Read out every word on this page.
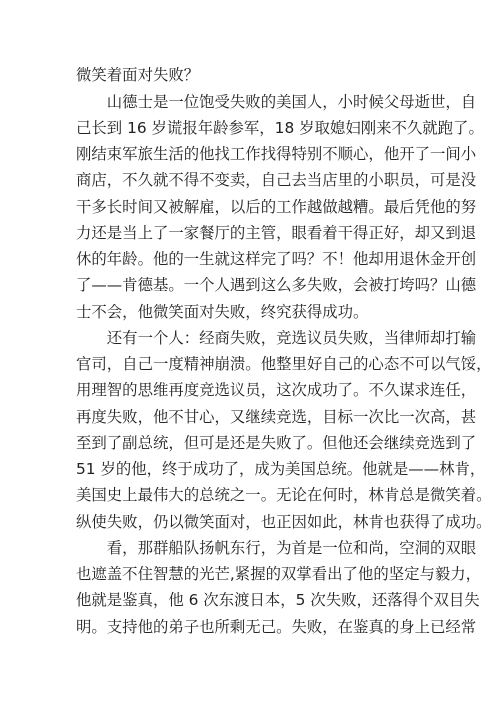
微笑着面对失败？
　　山德士是一位饱受失败的美国人，小时候父母逝世，自
己长到 16 岁谎报年龄参军，18 岁取媳妇刚来不久就跑了。
刚结束军旅生活的他找工作找得特别不顺心，他开了一间小
商店，不久就不得不变卖，自己去当店里的小职员，可是没
干多长时间又被解雇，以后的工作越做越糟。最后凭他的努
力还是当上了一家餐厅的主管，眼看着干得正好，却又到退
休的年龄。他的一生就这样完了吗？不！他却用退休金开创
了——肯德基。一个人遇到这么多失败，会被打垮吗？山德
士不会，他微笑面对失败，终究获得成功。
　　还有一个人：经商失败，竞选议员失败，当律师却打输
官司，自己一度精神崩溃。他整里好自己的心态不可以气馁，
用理智的思维再度竞选议员，这次成功了。不久谋求连任，
再度失败，他不甘心，又继续竞选，目标一次比一次高，甚
至到了副总统，但可是还是失败了。但他还会继续竞选到了
51 岁的他，终于成功了，成为美国总统。他就是——林肯，
美国史上最伟大的总统之一。无论在何时，林肯总是微笑着。
纵使失败，仍以微笑面对，也正因如此，林肯也获得了成功。
　　看，那群船队扬帆东行，为首是一位和尚，空洞的双眼
也遮盖不住智慧的光芒,紧握的双掌看出了他的坚定与毅力，
他就是鉴真，他 6 次东渡日本，5 次失败，还落得个双目失
明。支持他的弟子也所剩无己。失败，在鉴真的身上已经常
